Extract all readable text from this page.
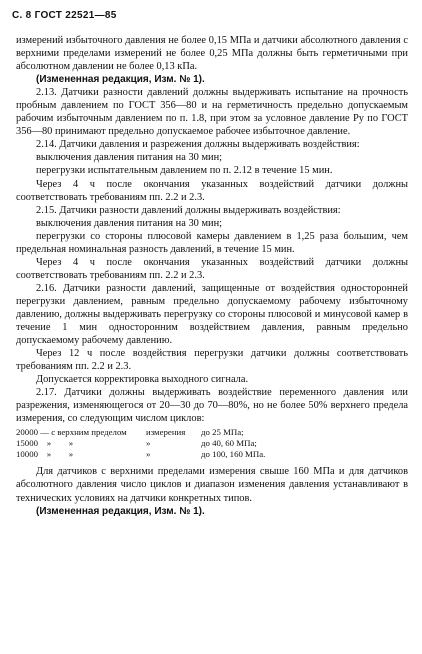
С. 8 ГОСТ 22521—85

измерений избыточного давления не более 0,15 МПа и датчики абсолютного давления с верхними пределами измерений не более 0,25 МПа должны быть герметичными при абсолютном давлении не более 0,13 кПа.

(Измененная редакция, Изм. № 1).

2.13. Датчики разности давлений должны выдерживать испытание на прочность пробным давлением по ГОСТ 356—80 и на герметичность предельно допускаемым рабочим избыточным давлением по п. 1.8, при этом за условное давление Pу по ГОСТ 356—80 принимают предельно допускаемое рабочее избыточное давление.

2.14. Датчики давления и разрежения должны выдерживать воздействия:

выключения давления питания на 30 мин;

перегрузки испытательным давлением по п. 2.12 в течение 15 мин.

Через 4 ч после окончания указанных воздействий датчики должны соответствовать требованиям пп. 2.2 и 2.3.

2.15. Датчики разности давлений должны выдерживать воздействия:

выключения давления питания на 30 мин;

перегрузки со стороны плюсовой камеры давлением в 1,25 раза большим, чем предельная номинальная разность давлений, в течение 15 мин.

Через 4 ч после окончания указанных воздействий датчики должны соответствовать требованиям пп. 2.2 и 2.3.

2.16. Датчики разности давлений, защищенные от воздействия односторонней перегрузки давлением, равным предельно допускаемому рабочему избыточному давлению, должны выдерживать перегрузку со стороны плюсовой и минусовой камер в течение 1 мин односторонним воздействием давления, равным предельно допускаемому рабочему давлению.

Через 12 ч после воздействия перегрузки датчики должны соответствовать требованиям пп. 2.2 и 2.3.

Допускается корректировка выходного сигнала.

2.17. Датчики должны выдерживать воздействие переменного давления или разрежения, изменяющегося от 20—30 до 70—80%, но не более 50% верхнего предела измерения, со следующим числом циклов:

20000 — с верхним пределом	измерения	до 25 МПа;
15000    »        »	»	до 40, 60 МПа;
10000    »        »	»	до 100, 160 МПа.

Для датчиков с верхними пределами измерения свыше 160 МПа и для датчиков абсолютного давления число циклов и диапазон изменения давления устанавливают в технических условиях на датчики конкретных типов.

(Измененная редакция, Изм. № 1).
